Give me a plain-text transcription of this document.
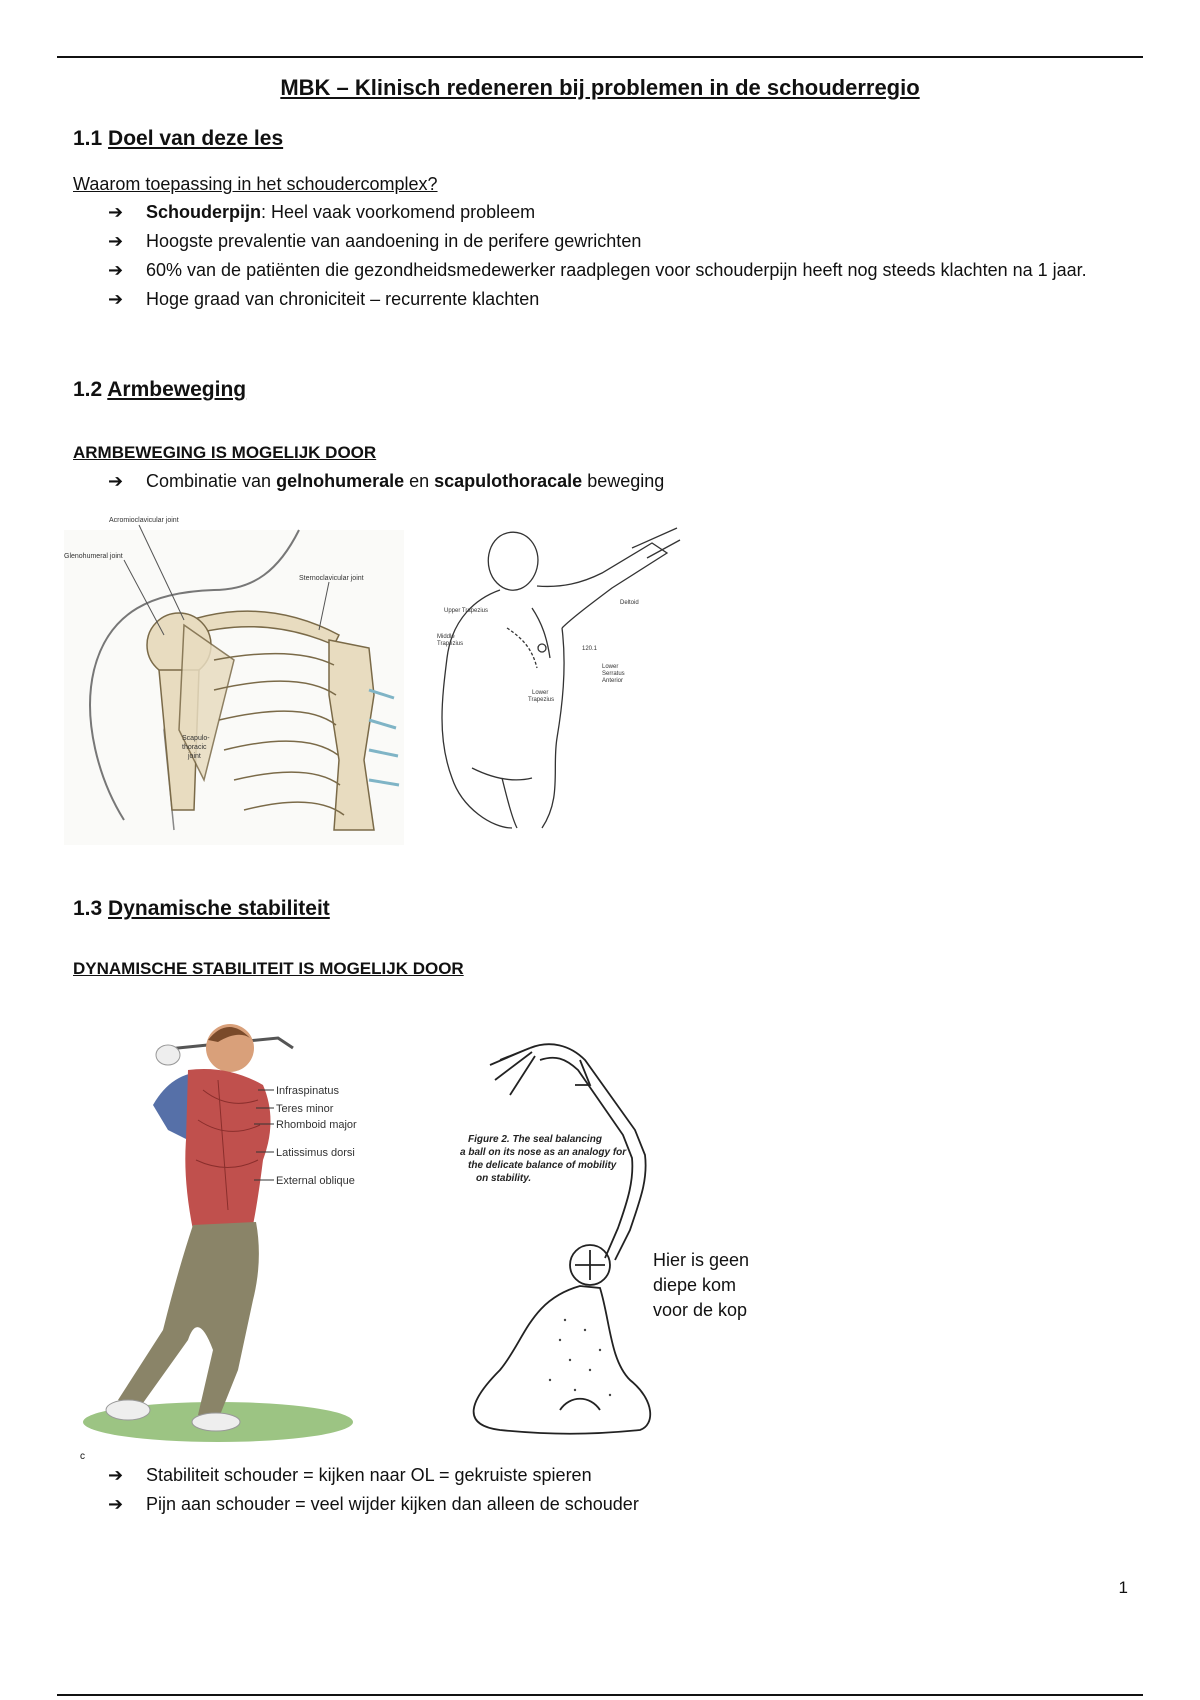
MBK – Klinisch redeneren bij problemen in de schouderregio
1.1 Doel van deze les
Waarom toepassing in het schoudercomplex?
➔ Schouderpijn: Heel vaak voorkomend probleem
➔ Hoogste prevalentie van aandoening in de perifere gewrichten
➔ 60% van de patiënten die gezondheidsmedewerker raadplegen voor schouderpijn heeft nog steeds klachten na 1 jaar.
➔ Hoge graad van chroniciteit – recurrente klachten
1.2 Armbeweging
ARMBEWEGING IS MOGELIJK DOOR
➔ Combinatie van gelnohumerale en scapulothoracale beweging
Acromioclavicular joint
Glenohumeral joint
Sternoclavicular joint
Scapulo-
thoracic
joint
Upper Trapezius
Middle
Trapezius
Deltoid
120.1
Lower
Serratus
Anterior
Lower
Trapezius
1.3 Dynamische stabiliteit
DYNAMISCHE STABILITEIT IS MOGELIJK DOOR
Infraspinatus
Teres minor
Rhomboid major
Latissimus dorsi
External oblique
Figure 2. The seal balancing
a ball on its nose as an analogy for
the delicate balance of mobility
on stability.
Hier is geen
diepe kom
voor de kop
c
➔ Stabiliteit schouder = kijken naar OL = gekruiste spieren
➔ Pijn aan schouder = veel wijder kijken dan alleen de schouder
1
